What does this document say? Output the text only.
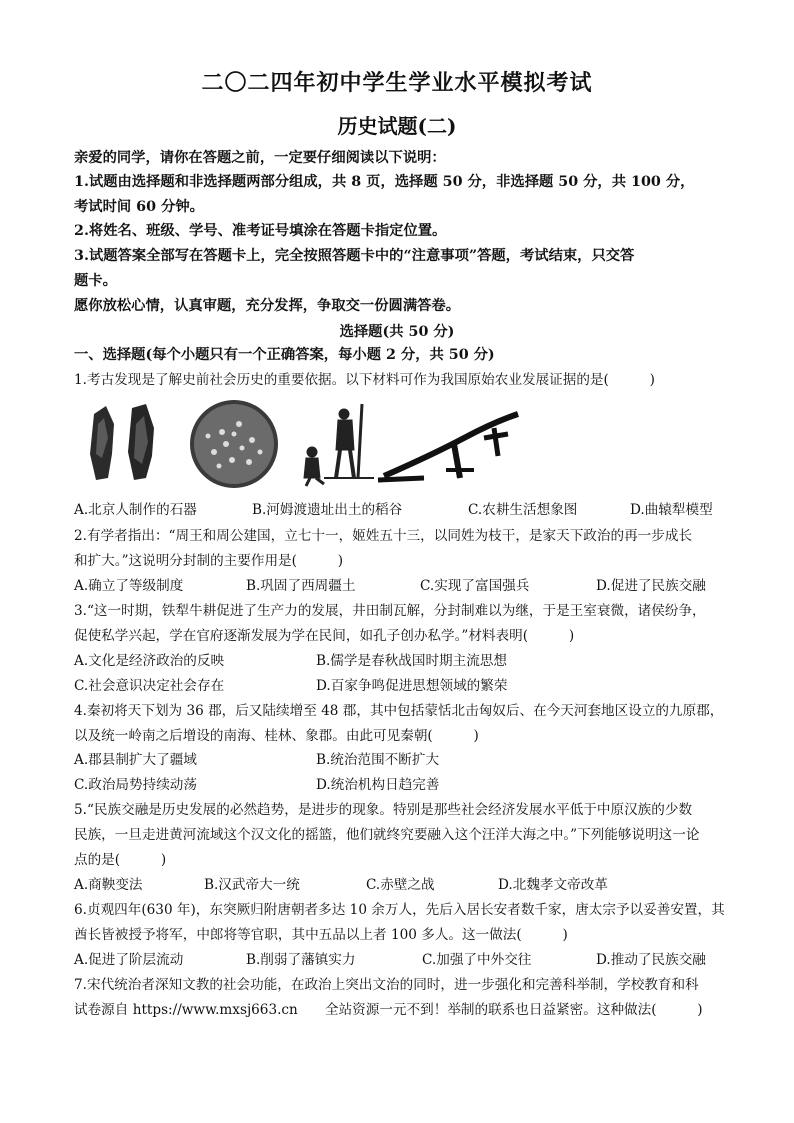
二〇二四年初中学生学业水平模拟考试
历史试题(二)
亲爱的同学，请你在答题之前，一定要仔细阅读以下说明：
1.试题由选择题和非选择题两部分组成，共 8 页，选择题 50 分，非选择题 50 分，共 100 分，
考试时间 60 分钟。
2.将姓名、班级、学号、准考证号填涂在答题卡指定位置。
3.试题答案全部写在答题卡上，完全按照答题卡中的“注意事项”答题，考试结束，只交答
题卡。
愿你放松心情，认真审题，充分发挥，争取交一份圆满答卷。
选择题(共 50 分)
一、选择题(每个小题只有一个正确答案，每小题 2 分，共 50 分)
1.考古发现是了解史前社会历史的重要依据。以下材料可作为我国原始农业发展证据的是(　　　)
A.北京人制作的石器	B.河姆渡遗址出土的稻谷	C.农耕生活想象图	D.曲辕犁模型
2.有学者指出：“周王和周公建国，立七十一，姬姓五十三，以同姓为枝干，是家天下政治的再一步成长
和扩大。”这说明分封制的主要作用是(　　　)
A.确立了等级制度	B.巩固了西周疆土	C.实现了富国强兵	D.促进了民族交融
3.“这一时期，铁犁牛耕促进了生产力的发展，井田制瓦解，分封制难以为继，于是王室衰微，诸侯纷争，
促使私学兴起，学在官府逐渐发展为学在民间，如孔子创办私学。”材料表明(　　　)
A.文化是经济政治的反映	B.儒学是春秋战国时期主流思想
C.社会意识决定社会存在	D.百家争鸣促进思想领域的繁荣
4.秦初将天下划为 36 郡，后又陆续增至 48 郡，其中包括蒙恬北击匈奴后、在今天河套地区设立的九原郡，
以及统一岭南之后增设的南海、桂林、象郡。由此可见秦朝(　　　)
A.郡县制扩大了疆域	B.统治范围不断扩大
C.政治局势持续动荡	D.统治机构日趋完善
5.“民族交融是历史发展的必然趋势，是进步的现象。特别是那些社会经济发展水平低于中原汉族的少数
民族，一旦走进黄河流域这个汉文化的摇篮，他们就终究要融入这个汪洋大海之中。”下列能够说明这一论
点的是(　　　)
A.商鞅变法	B.汉武帝大一统	C.赤壁之战	D.北魏孝文帝改革
6.贞观四年(630 年)，东突厥归附唐朝者多达 10 余万人，先后入居长安者数千家，唐太宗予以妥善安置，其
酋长皆被授予将军，中郎将等官职，其中五品以上者 100 多人。这一做法(　　　)
A.促进了阶层流动	B.削弱了藩镇实力	C.加强了中外交往	D.推动了民族交融
7.宋代统治者深知文教的社会功能，在政治上突出文治的同时，进一步强化和完善科举制，学校教育和科
试卷源自 https://www.mxsj663.cn　　全站资源一元不到！举制的联系也日益紧密。这种做法(　　　)
